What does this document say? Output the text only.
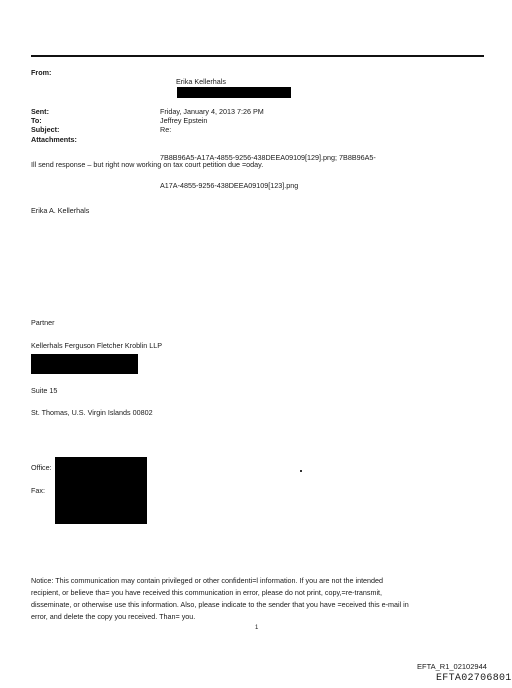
From:

Erika Kellerhals

Sent:	Friday, January 4, 2013 7:26 PM
To:	Jeffrey Epstein
Subject:	Re:
Attachments:

7B8B96A5-A17A-4855-9256-438DEEA09109[129].png; 7B8B96A5-

A17A-4855-9256-438DEEA09109[123].png

Ill send response – but right now working on tax court petition due =oday.
Erika A. Kellerhals
Partner
Kellerhals Ferguson Fletcher Kroblin LLP
Suite 15
St. Thomas, U.S. Virgin Islands 00802
Office:
Fax:
Notice: This communication may contain privileged or other confidenti=l information. If you are not the intended
recipient, or believe tha= you have received this communication in error, please do not print, copy,=re-transmit,
disseminate, or otherwise use this information. Also, please indicate to the sender that you have =eceived this e-mail in
error, and delete the copy you received. Than= you.
1
EFTA_R1_02102944
EFTA02706801
